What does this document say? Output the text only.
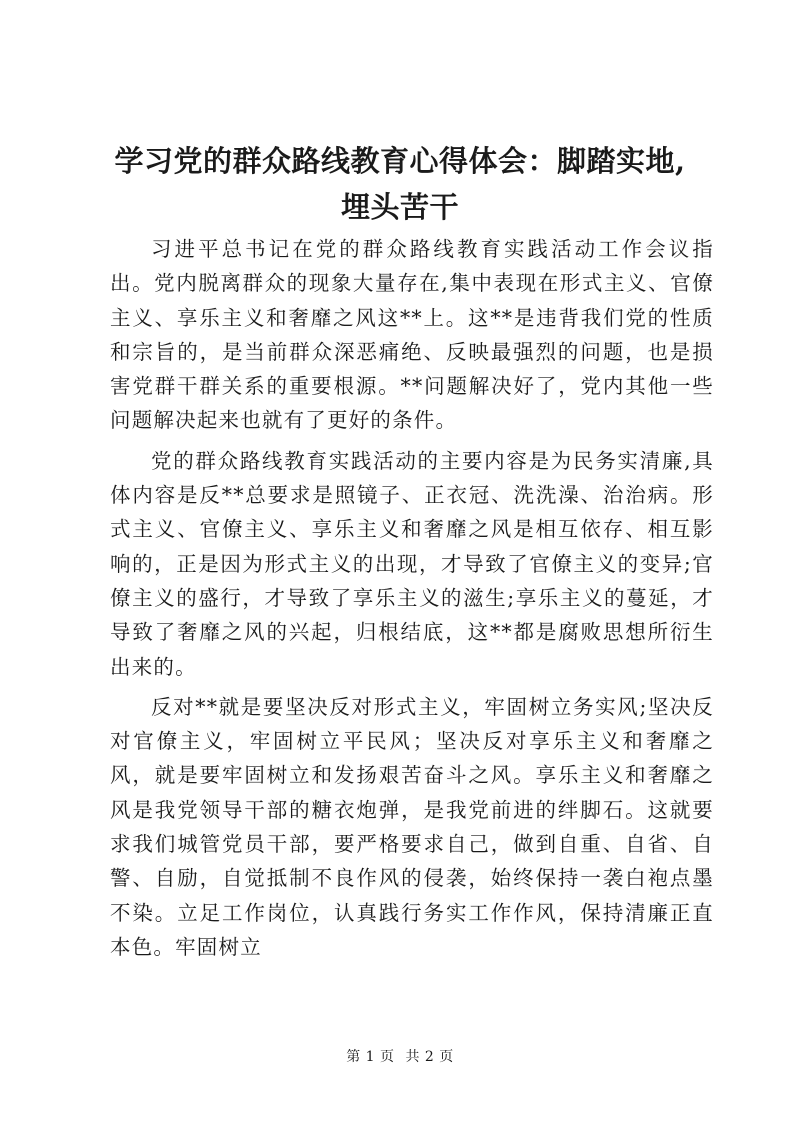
学习党的群众路线教育心得体会：脚踏实地,
埋头苦干

习进平总书记在党的群众路线教育实践活动工作会议指出。党内脱离群众的现象大量存在,集中表现在形式主义、官僚主义、享乐主义和奢靡之风这**上。这**是违背我们党的性质和宗旨的，是当前群众深恶痛绝、反映最强烈的问题，也是损害党群干群关系的重要根源。**问题解决好了，党内其他一些问题解决起来也就有了更好的条件。

党的群众路线教育实践活动的主要内容是为民务实清廉,具体内容是反**总要求是照镜子、正衣冠、洗洗澡、治治病。形式主义、官僚主义、享乐主义和奢靡之风是相互依存、相互影响的，正是因为形式主义的出现，才导致了官僚主义的变异;官僚主义的盛行，才导致了享乐主义的滋生;享乐主义的蔓延，才导致了奢靡之风的兴起，归根结底，这**都是腐败思想所衍生出来的。

反对**就是要坚决反对形式主义，牢固树立务实风;坚决反对官僚主义，牢固树立平民风；坚决反对享乐主义和奢靡之风，就是要牢固树立和发扬艰苦奋斗之风。享乐主义和奢靡之风是我党领导干部的糖衣炮弹，是我党前进的绊脚石。这就要求我们城管党员干部，要严格要求自己，做到自重、自省、自警、自励，自觉抵制不良作风的侵袭，始终保持一袭白袍点墨不染。立足工作岗位，认真践行务实工作作风，保持清廉正直本色。牢固树立

第 1 页 共 2 页
